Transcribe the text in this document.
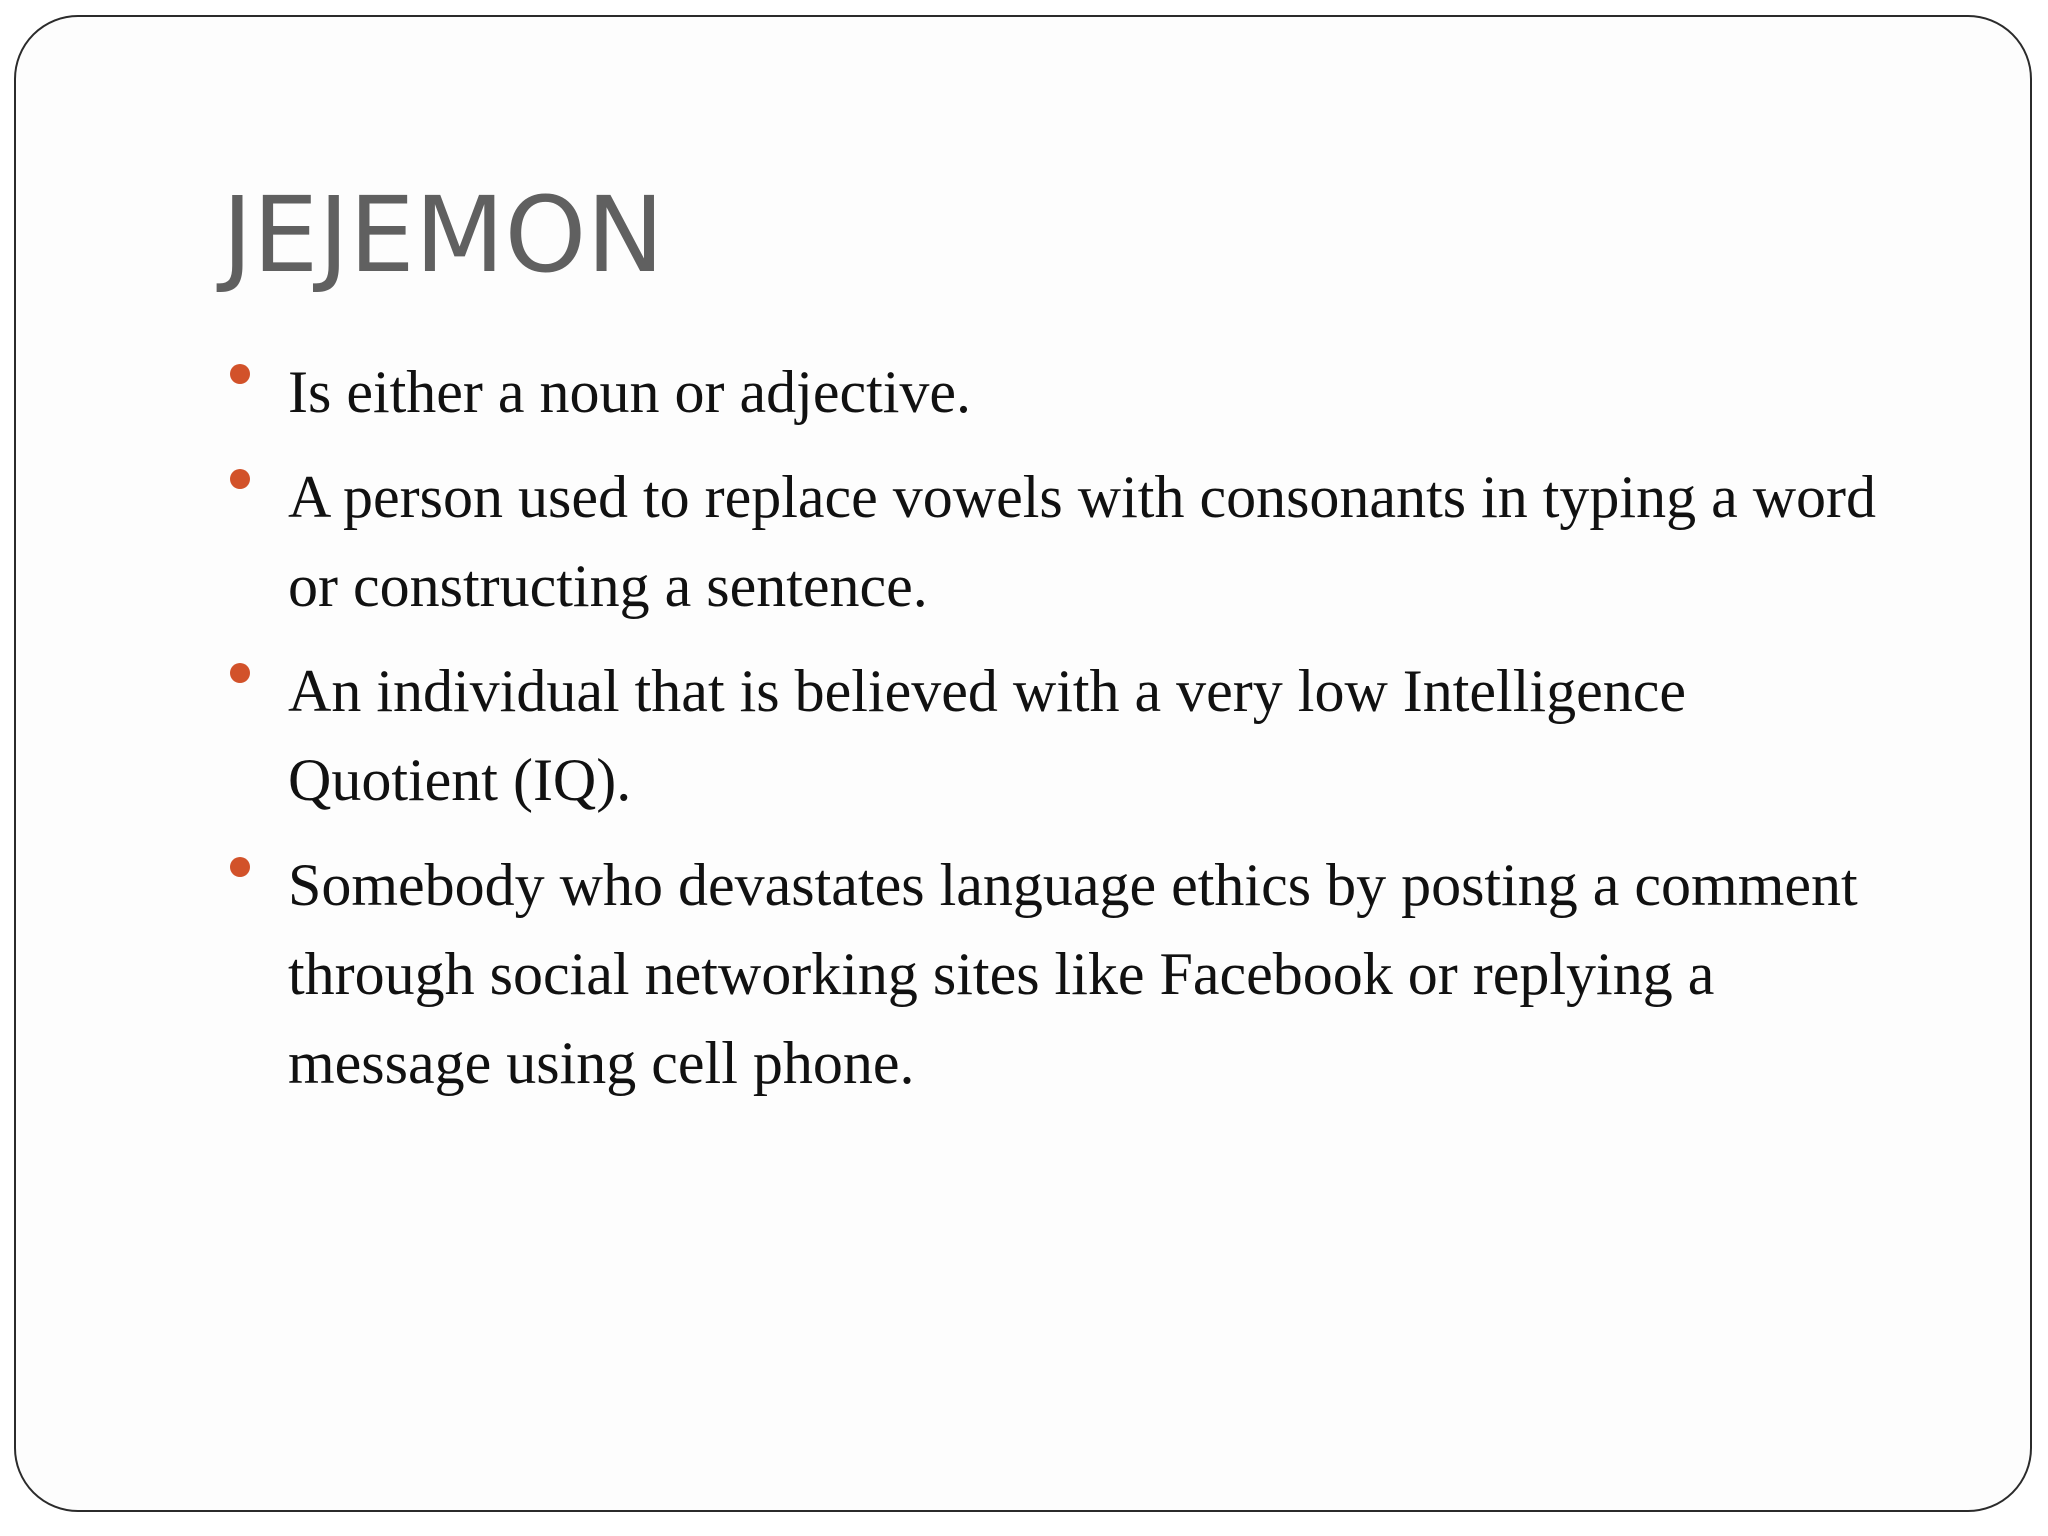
JEJEMON
Is either a noun or adjective.
A person used to replace vowels with consonants in typing a word or constructing a sentence.
An individual that is believed with a very low Intelligence Quotient (IQ).
Somebody who devastates language ethics by posting a comment through social networking sites like Facebook or replying a message using cell phone.
